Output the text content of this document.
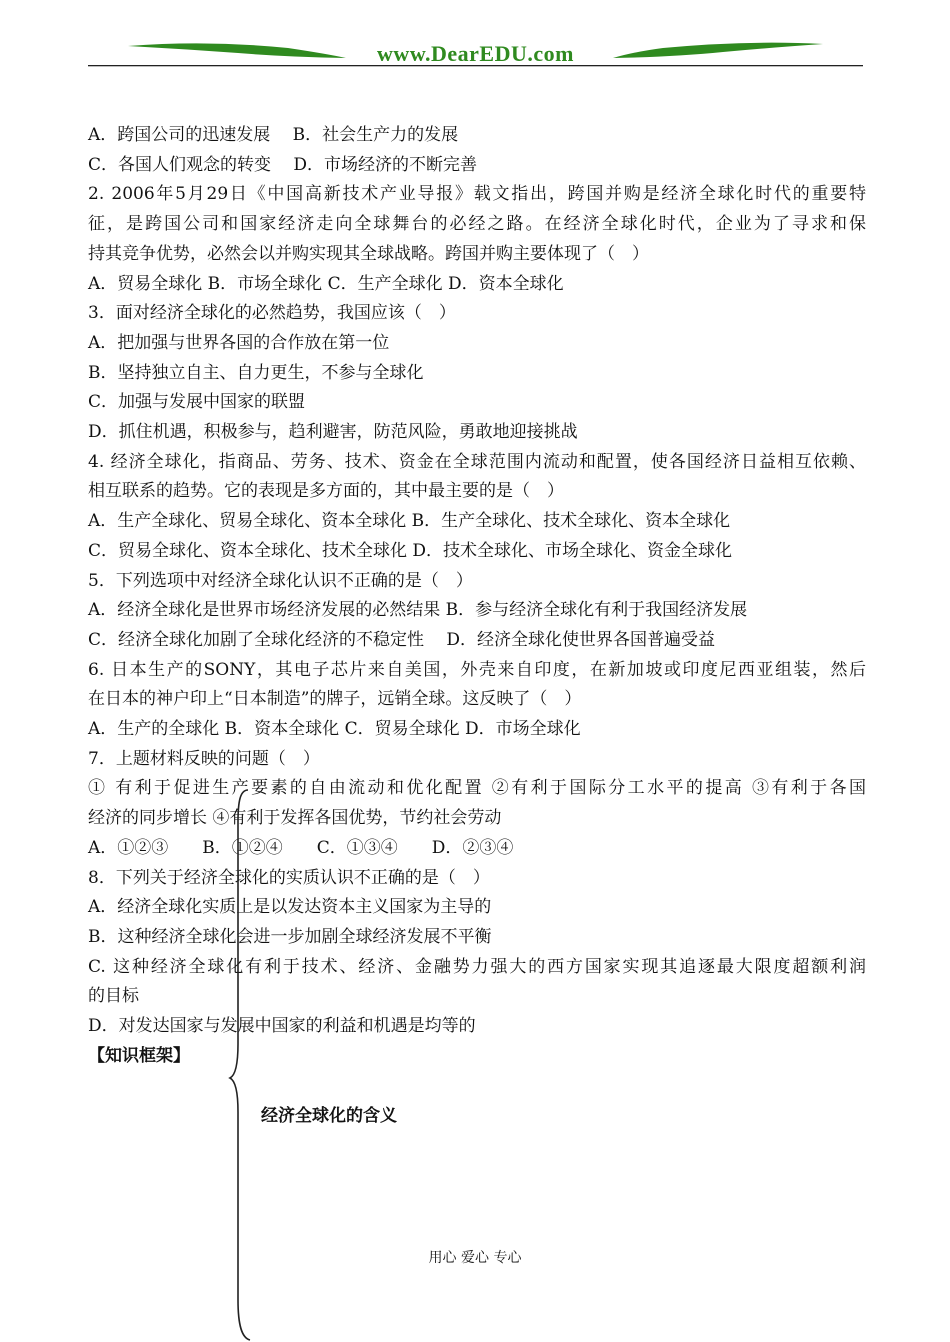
www.DearEDU.com
A．跨国公司的迅速发展　 B．社会生产力的发展
C．各国人们观念的转变　 D．市场经济的不断完善
2. 2006年5月29日《中国高新技术产业导报》载文指出，跨国并购是经济全球化时代的重要特
征，是跨国公司和国家经济走向全球舞台的必经之路。在经济全球化时代，企业为了寻求和保
持其竞争优势，必然会以并购实现其全球战略。跨国并购主要体现了（　）
A．贸易全球化 B．市场全球化 C．生产全球化 D．资本全球化
3．面对经济全球化的必然趋势，我国应该（　）
A．把加强与世界各国的合作放在第一位
B．坚持独立自主、自力更生，不参与全球化
C．加强与发展中国家的联盟
D．抓住机遇，积极参与，趋利避害，防范风险，勇敢地迎接挑战
4. 经济全球化，指商品、劳务、技术、资金在全球范围内流动和配置，使各国经济日益相互依赖、
相互联系的趋势。它的表现是多方面的，其中最主要的是（　）
A．生产全球化、贸易全球化、资本全球化 B．生产全球化、技术全球化、资本全球化
C．贸易全球化、资本全球化、技术全球化 D．技术全球化、市场全球化、资金全球化
5．下列选项中对经济全球化认识不正确的是（　）
A．经济全球化是世界市场经济发展的必然结果 B．参与经济全球化有利于我国经济发展
C．经济全球化加剧了全球化经济的不稳定性　 D．经济全球化使世界各国普遍受益
6. 日本生产的SONY，其电子芯片来自美国，外壳来自印度，在新加坡或印度尼西亚组装，然后
在日本的神户印上“日本制造”的牌子，远销全球。这反映了（　）
A．生产的全球化 B．资本全球化 C．贸易全球化 D．市场全球化
7．上题材料反映的问题（　）
① 有利于促进生产要素的自由流动和优化配置 ②有利于国际分工水平的提高 ③有利于各国
经济的同步增长 ④有利于发挥各国优势，节约社会劳动
A．①②③　　B．①②④　　C．①③④　　D．②③④
8．下列关于经济全球化的实质认识不正确的是（　）
A．经济全球化实质上是以发达资本主义国家为主导的
B．这种经济全球化会进一步加剧全球经济发展不平衡
C. 这种经济全球化有利于技术、经济、金融势力强大的西方国家实现其追逐最大限度超额利润
的目标
D．对发达国家与发展中国家的利益和机遇是均等的
【知识框架】
经济全球化的含义
用心 爱心 专心
